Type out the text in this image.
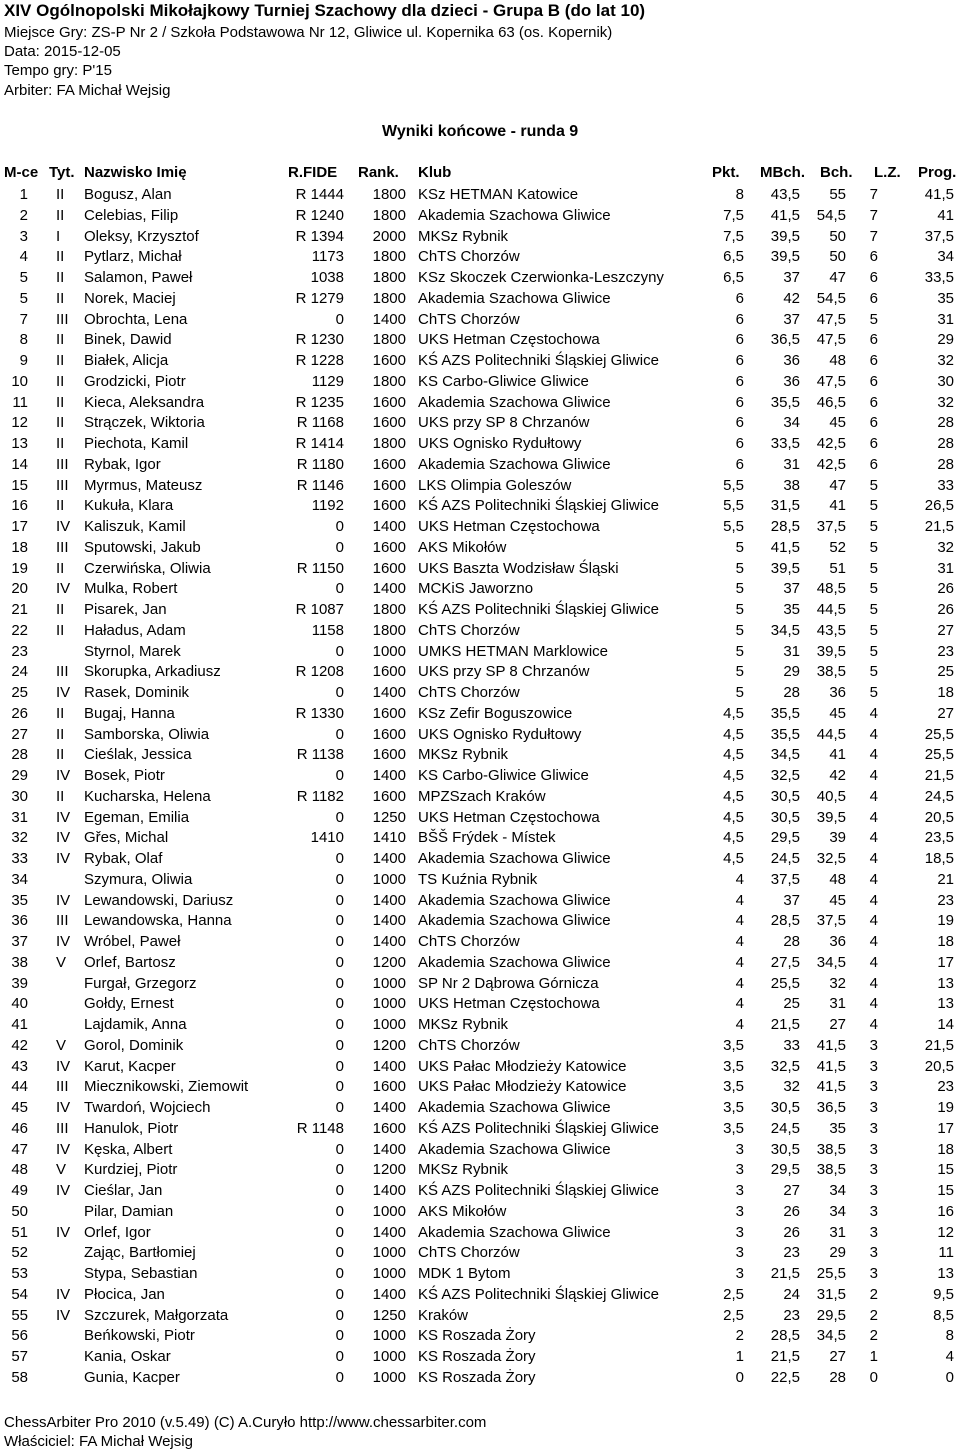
XIV Ogólnopolski Mikołajkowy Turniej Szachowy dla dzieci - Grupa B (do lat 10)
Miejsce Gry: ZS-P Nr 2 / Szkoła Podstawowa Nr 12, Gliwice ul. Kopernika 63 (os. Kopernik)
Data: 2015-12-05
Tempo gry: P'15
Arbiter: FA Michał Wejsig
Wyniki końcowe - runda 9
M-ce Tyt. Nazwisko Imię	R.FIDE Rank. Klub	Pkt. MBch. Bch. L.Z. Prog.
1 II	Bogusz, Alan	R 1444	1800 KSz HETMAN Katowice	8	43,5	55	7	41,5
2 II	Celebias, Filip	R 1240	1800 Akademia Szachowa Gliwice	7,5	41,5	54,5	7	41
3 I	Oleksy, Krzysztof	R 1394	2000 MKSz Rybnik	7,5	39,5	50	7	37,5
4 II	Pytlarz, Michał	1173	1800 ChTS Chorzów	6,5	39,5	50	6	34
5 II	Salamon, Paweł	1038	1800 KSz Skoczek Czerwionka-Leszczyny	6,5	37	47	6	33,5
5 II	Norek, Maciej	R 1279	1800 Akademia Szachowa Gliwice	6	42	54,5	6	35
7 III	Obrochta, Lena	0	1400 ChTS Chorzów	6	37	47,5	5	31
8 II	Binek, Dawid	R 1230	1800 UKS Hetman Częstochowa	6	36,5	47,5	6	29
9 II	Białek, Alicja	R 1228	1600 KŚ AZS Politechniki Śląskiej Gliwice	6	36	48	6	32
10 II	Grodzicki, Piotr	1129	1800 KS Carbo-Gliwice Gliwice	6	36	47,5	6	30
11 II	Kieca, Aleksandra	R 1235	1600 Akademia Szachowa Gliwice	6	35,5	46,5	6	32
12 II	Strączek, Wiktoria	R 1168	1600 UKS przy SP 8 Chrzanów	6	34	45	6	28
13 II	Piechota, Kamil	R 1414	1800 UKS Ognisko Rydułtowy	6	33,5	42,5	6	28
14 III	Rybak, Igor	R 1180	1600 Akademia Szachowa Gliwice	6	31	42,5	6	28
15 III	Myrmus, Mateusz	R 1146	1600 LKS Olimpia Goleszów	5,5	38	47	5	33
16 II	Kukuła, Klara	1192	1600 KŚ AZS Politechniki Śląskiej Gliwice	5,5	31,5	41	5	26,5
17 IV Kaliszuk, Kamil	0	1400 UKS Hetman Częstochowa	5,5	28,5	37,5	5	21,5
18 III	Sputowski, Jakub	0	1600 AKS Mikołów	5	41,5	52	5	32
19 II	Czerwińska, Oliwia	R 1150	1600 UKS Baszta Wodzisław Śląski	5	39,5	51	5	31
20 IV Mulka, Robert	0	1400 MCKiS Jaworzno	5	37	48,5	5	26
21 II	Pisarek, Jan	R 1087	1800 KŚ AZS Politechniki Śląskiej Gliwice	5	35	44,5	5	26
22 II	Haładus, Adam	1158	1800 ChTS Chorzów	5	34,5	43,5	5	27
23	Styrnol, Marek	0	1000 UMKS HETMAN Marklowice	5	31	39,5	5	23
24 III	Skorupka, Arkadiusz	R 1208	1600 UKS przy SP 8 Chrzanów	5	29	38,5	5	25
25 IV Rasek, Dominik	0	1400 ChTS Chorzów	5	28	36	5	18
26 II	Bugaj, Hanna	R 1330	1600 KSz Zefir Boguszowice	4,5	35,5	45	4	27
27 II	Samborska, Oliwia	0	1600 UKS Ognisko Rydułtowy	4,5	35,5	44,5	4	25,5
28 II	Cieślak, Jessica	R 1138	1600 MKSz Rybnik	4,5	34,5	41	4	25,5
29 IV Bosek, Piotr	0	1400 KS Carbo-Gliwice Gliwice	4,5	32,5	42	4	21,5
30 II	Kucharska, Helena	R 1182	1600 MPZSzach Kraków	4,5	30,5	40,5	4	24,5
31 IV Egeman, Emilia	0	1250 UKS Hetman Częstochowa	4,5	30,5	39,5	4	20,5
32 IV Gřes, Michal	1410	1410 BŠŠ Frýdek - Místek	4,5	29,5	39	4	23,5
33 IV Rybak, Olaf	0	1400 Akademia Szachowa Gliwice	4,5	24,5	32,5	4	18,5
34	Szymura, Oliwia	0	1000 TS Kuźnia Rybnik	4	37,5	48	4	21
35 IV Lewandowski, Dariusz	0	1400 Akademia Szachowa Gliwice	4	37	45	4	23
36 III	Lewandowska, Hanna	0	1400 Akademia Szachowa Gliwice	4	28,5	37,5	4	19
37 IV Wróbel, Paweł	0	1400 ChTS Chorzów	4	28	36	4	18
38 V	Orlef, Bartosz	0	1200 Akademia Szachowa Gliwice	4	27,5	34,5	4	17
39	Furgał, Grzegorz	0	1000 SP Nr 2 Dąbrowa Górnicza	4	25,5	32	4	13
40	Gołdy, Ernest	0	1000 UKS Hetman Częstochowa	4	25	31	4	13
41	Lajdamik, Anna	0	1000 MKSz Rybnik	4	21,5	27	4	14
42 V	Gorol, Dominik	0	1200 ChTS Chorzów	3,5	33	41,5	3	21,5
43 IV Karut, Kacper	0	1400 UKS Pałac Młodzieży Katowice	3,5	32,5	41,5	3	20,5
44 III	Miecznikowski, Ziemowit	0	1600 UKS Pałac Młodzieży Katowice	3,5	32	41,5	3	23
45 IV Twardoń, Wojciech	0	1400 Akademia Szachowa Gliwice	3,5	30,5	36,5	3	19
46 III	Hanulok, Piotr	R 1148	1600 KŚ AZS Politechniki Śląskiej Gliwice	3,5	24,5	35	3	17
47 IV Kęska, Albert	0	1400 Akademia Szachowa Gliwice	3	30,5	38,5	3	18
48 V	Kurdziej, Piotr	0	1200 MKSz Rybnik	3	29,5	38,5	3	15
49 IV Cieślar, Jan	0	1400 KŚ AZS Politechniki Śląskiej Gliwice	3	27	34	3	15
50	Pilar, Damian	0	1000 AKS Mikołów	3	26	34	3	16
51 IV Orlef, Igor	0	1400 Akademia Szachowa Gliwice	3	26	31	3	12
52	Zając, Bartłomiej	0	1000 ChTS Chorzów	3	23	29	3	11
53	Stypa, Sebastian	0	1000 MDK 1 Bytom	3	21,5	25,5	3	13
54 IV Płocica, Jan	0	1400 KŚ AZS Politechniki Śląskiej Gliwice	2,5	24	31,5	2	9,5
55 IV Szczurek, Małgorzata	0	1250 Kraków	2,5	23	29,5	2	8,5
56	Beńkowski, Piotr	0	1000 KS Roszada Żory	2	28,5	34,5	2	8
57	Kania, Oskar	0	1000 KS Roszada Żory	1	21,5	27	1	4
58	Gunia, Kacper	0	1000 KS Roszada Żory	0	22,5	28	0	0
ChessArbiter Pro 2010 (v.5.49) (C) A.Curyło http://www.chessarbiter.com
Właściciel: FA Michał Wejsig
